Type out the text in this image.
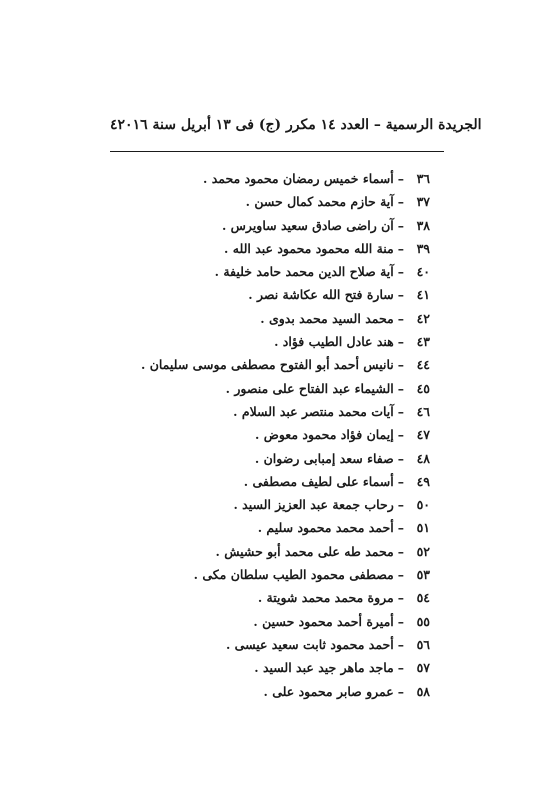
٤ الجريدة الرسمية – العدد ١٤ مكرر (ج) فى ١٣ أبريل سنة ٢٠١٦
٣٦–أسماء خميس رمضان محمود محمد .
٣٧–آية حازم محمد كمال حسن .
٣٨–آن راضى صادق سعيد ساويرس .
٣٩–منة الله محمود محمود عبد الله .
٤٠–آية صلاح الدين محمد حامد خليفة .
٤١–سارة فتح الله عكاشة نصر .
٤٢–محمد السيد محمد بدوى .
٤٣–هند عادل الطيب فؤاد .
٤٤–نانيس أحمد أبو الفتوح مصطفى موسى سليمان .
٤٥–الشيماء عبد الفتاح على منصور .
٤٦–آيات محمد منتصر عبد السلام .
٤٧–إيمان فؤاد محمود معوض .
٤٨–صفاء سعد إمبابى رضوان .
٤٩–أسماء على لطيف مصطفى .
٥٠–رحاب جمعة عبد العزيز السيد .
٥١–أحمد محمد محمود سليم .
٥٢–محمد طه على محمد أبو حشيش .
٥٣–مصطفى محمود الطيب سلطان مكى .
٥٤–مروة محمد محمد شويتة .
٥٥–أميرة أحمد محمود حسين .
٥٦–أحمد محمود ثابت سعيد عيسى .
٥٧–ماجد ماهر جيد عبد السيد .
٥٨–عمرو صابر محمود على .
